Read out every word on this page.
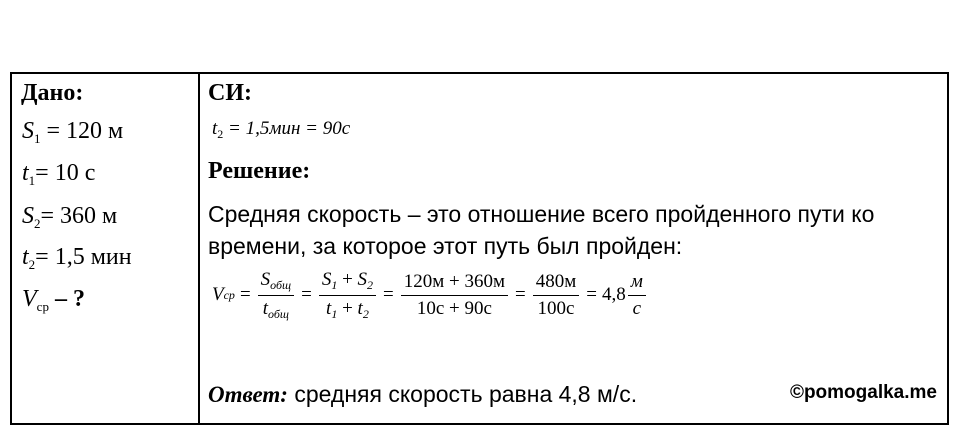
Дано:
$S_1 = 120$ м
$t_1= 10$ с
$S_2= 360$ м
$t_2= 1,5$ мин
$V_{ср}$ – ?
СИ:
$t_2 = 1,5мин = 90с$
Решение:
Средняя скорость – это отношение всего пройденного пути ко времени, за которое этот путь был пройден:
V ср = $\frac{S_{общ}}{t_{общ}} = \frac{S_1 + S_2}{t_1 + t_2} = \frac{120м + 360м}{10с + 90с} = \frac{480м}{100с} = 4,8 \frac{м}{с}$
Ответ: средняя скорость равна 4,8 м/с.	©pomogalka.me
